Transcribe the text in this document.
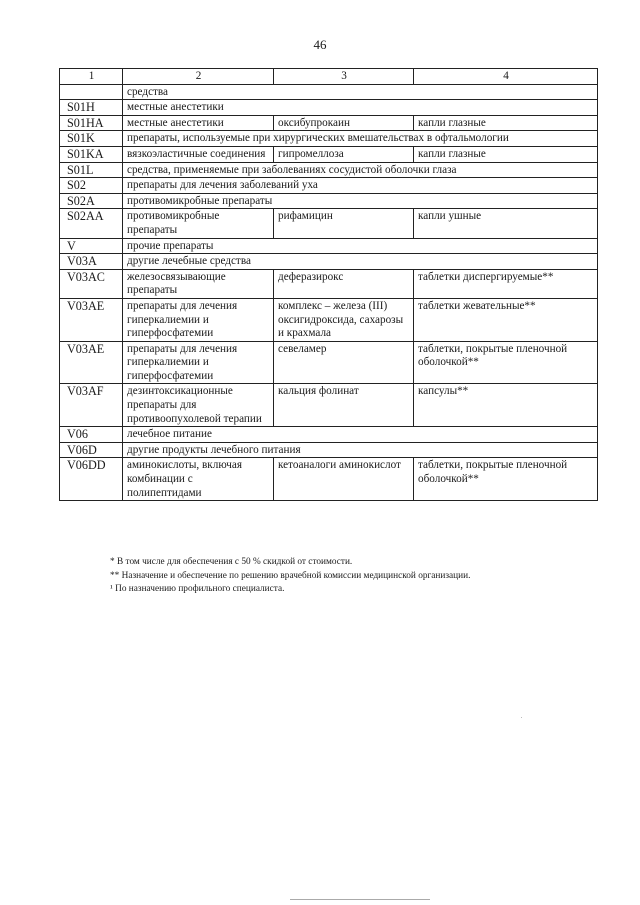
46
1	2	3	4
	средства		
S01H	местные анестетики		
S01HA	местные анестетики	оксибупрокаин	капли глазные
S01K	препараты, используемые при хирургических вмешательствах в офтальмологии		
S01KA	вязкоэластичные соединения	гипромеллоза	капли глазные
S01L	средства, применяемые при заболеваниях сосудистой оболочки глаза		
S02	препараты для лечения заболеваний уха		
S02A	противомикробные препараты		
S02AA	противомикробные препараты	рифамицин	капли ушные
V	прочие препараты		
V03A	другие лечебные средства		
V03AC	железосвязывающие препараты	деферазирокс	таблетки диспергируемые**
V03AE	препараты для лечения гиперкалиемии и гиперфосфатемии	комплекс – железа (III) оксигидроксида, сахарозы и крахмала	таблетки жевательные**
V03AE	препараты для лечения гиперкалиемии и гиперфосфатемии	севеламер	таблетки, покрытые пленочной оболочкой**
V03AF	дезинтоксикационные препараты для противоопухолевой терапии	кальция фолинат	капсулы**
V06	лечебное питание		
V06D	другие продукты лечебного питания		
V06DD	аминокислоты, включая комбинации с полипептидами	кетоаналоги аминокислот	таблетки, покрытые пленочной оболочкой**
* В том числе для обеспечения с 50 % скидкой от стоимости.
** Назначение и обеспечение по решению врачебной комиссии медицинской организации.
¹ По назначению профильного специалиста.
